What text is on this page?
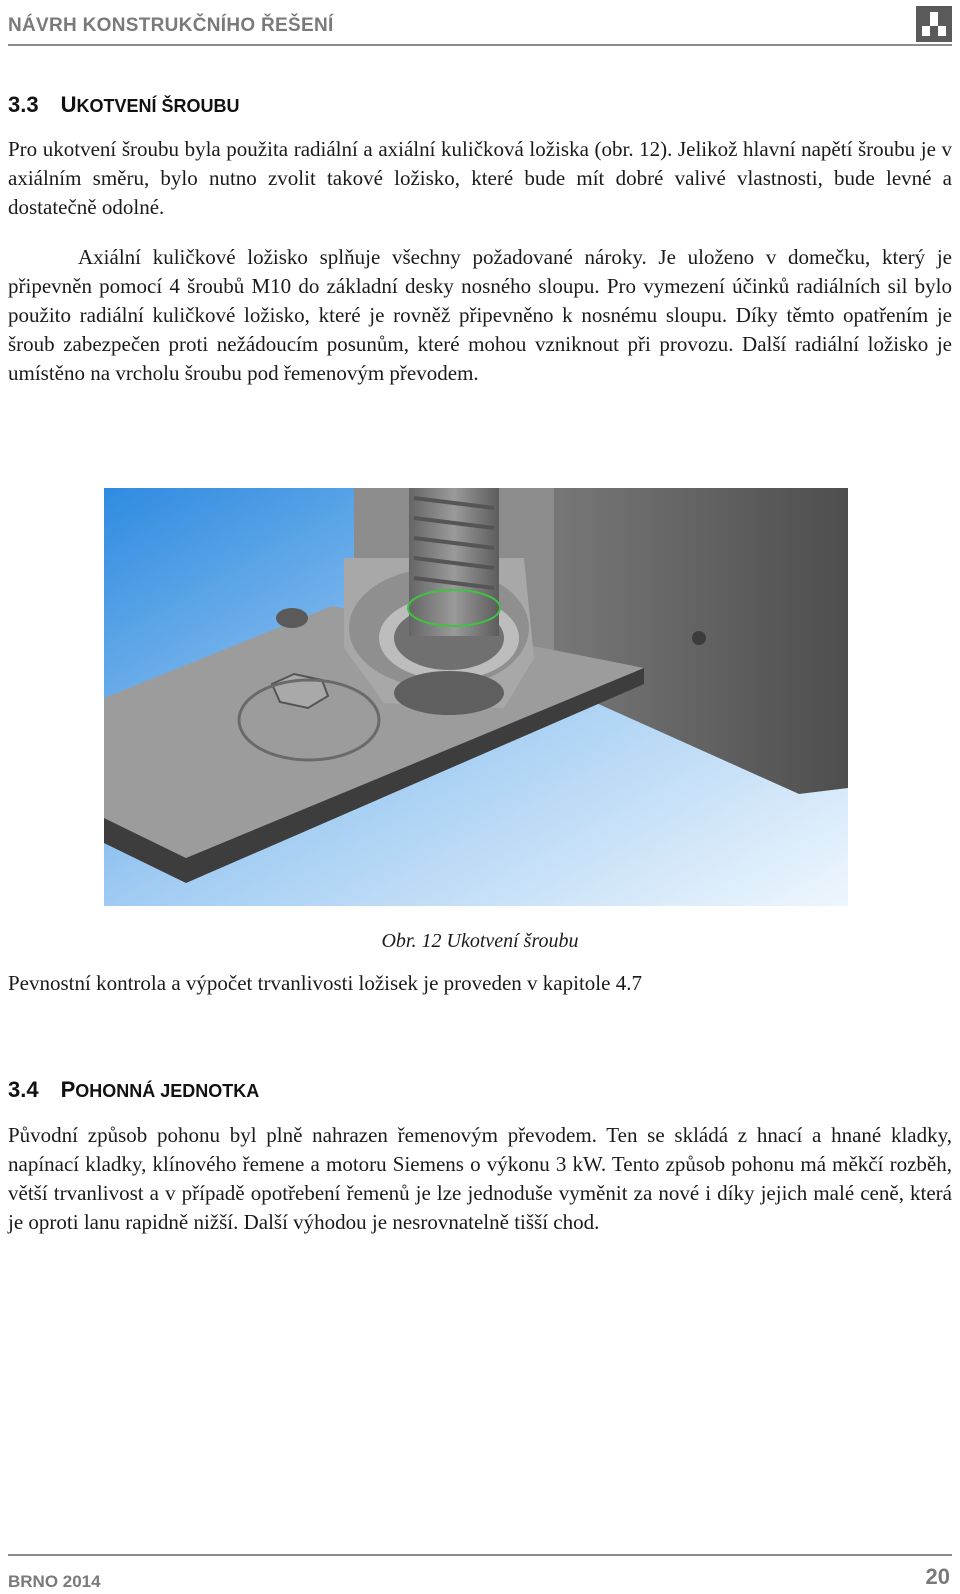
NÁVRH KONSTRUKČNÍHO ŘEŠENÍ
3.3 UKOTVENÍ ŠROUBU
Pro ukotvení šroubu byla použita radiální a axiální kuličková ložiska (obr. 12). Jelikož hlavní napětí šroubu je v axiálním směru, bylo nutno zvolit takové ložisko, které bude mít dobré valivé vlastnosti, bude levné a dostatečně odolné.
Axiální kuličkové ložisko splňuje všechny požadované nároky. Je uloženo v domečku, který je připevněn pomocí 4 šroubů M10 do základní desky nosného sloupu. Pro vymezení účinků radiálních sil bylo použito radiální kuličkové ložisko, které je rovněž připevněno k nosnému sloupu. Díky těmto opatřením je šroub zabezpečen proti nežádoucím posunům, které mohou vzniknout při provozu. Další radiální ložisko je umístěno na vrcholu šroubu pod řemenovým převodem.
Obr. 12 Ukotvení šroubu
Pevnostní kontrola a výpočet trvanlivosti ložisek je proveden v kapitole 4.7
3.4 POHONNÁ JEDNOTKA
Původní způsob pohonu byl plně nahrazen řemenovým převodem. Ten se skládá z hnací a hnané kladky, napínací kladky, klínového řemene a motoru Siemens o výkonu 3 kW. Tento způsob pohonu má měkčí rozběh, větší trvanlivost a v případě opotřebení řemenů je lze jednoduše vyměnit za nové i díky jejich malé ceně, která je oproti lanu rapidně nižší. Další výhodou je nesrovnatelně tišší chod.
BRNO 2014	20
